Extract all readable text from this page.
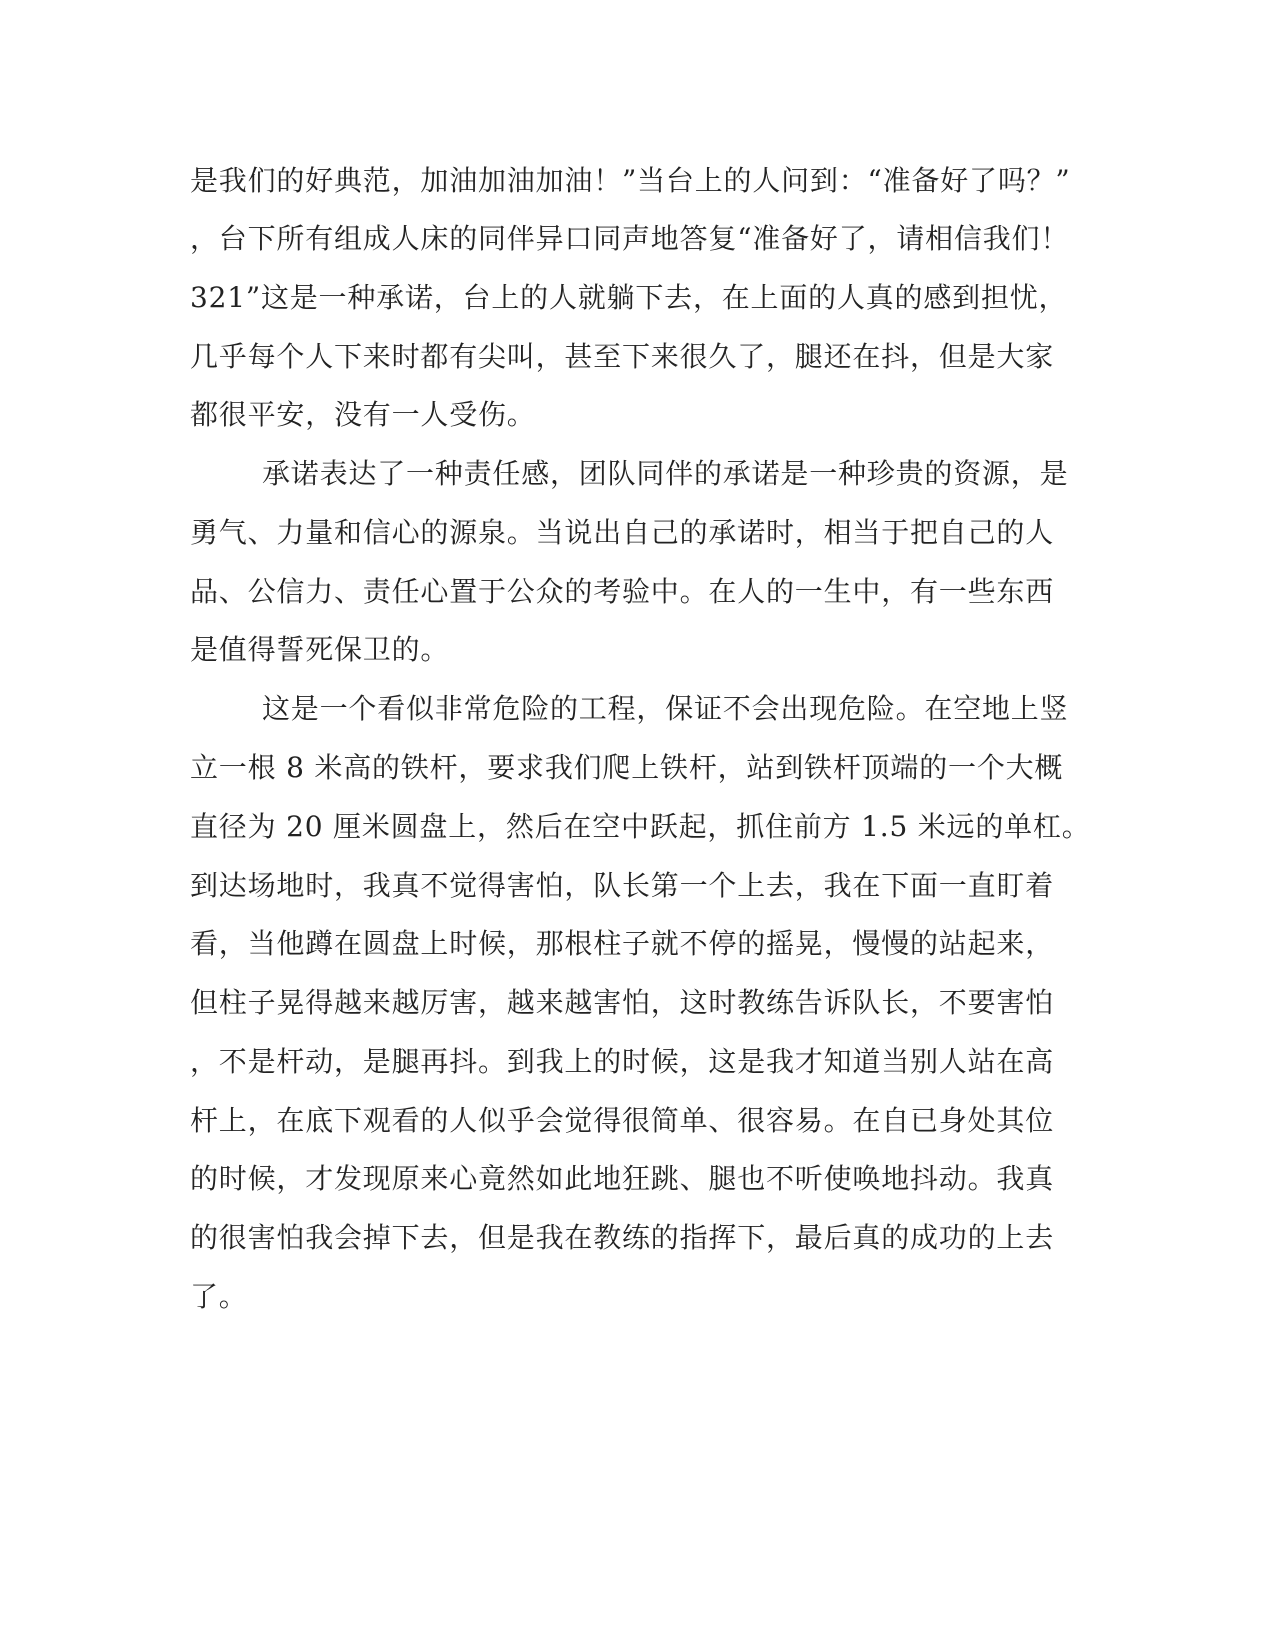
是我们的好典范，加油加油加油！”当台上的人问到：“准备好了吗？”
，台下所有组成人床的同伴异口同声地答复“准备好了，请相信我们！
321”这是一种承诺，台上的人就躺下去，在上面的人真的感到担忧，
几乎每个人下来时都有尖叫，甚至下来很久了，腿还在抖，但是大家
都很平安，没有一人受伤。
承诺表达了一种责任感，团队同伴的承诺是一种珍贵的资源，是
勇气、力量和信心的源泉。当说出自己的承诺时，相当于把自己的人
品、公信力、责任心置于公众的考验中。在人的一生中，有一些东西
是值得誓死保卫的。
这是一个看似非常危险的工程，保证不会出现危险。在空地上竖
立一根 8 米高的铁杆，要求我们爬上铁杆，站到铁杆顶端的一个大概
直径为 20 厘米圆盘上，然后在空中跃起，抓住前方 1.5 米远的单杠。
到达场地时，我真不觉得害怕，队长第一个上去，我在下面一直盯着
看，当他蹲在圆盘上时候，那根柱子就不停的摇晃，慢慢的站起来，
但柱子晃得越来越厉害，越来越害怕，这时教练告诉队长，不要害怕
，不是杆动，是腿再抖。到我上的时候，这是我才知道当别人站在高
杆上，在底下观看的人似乎会觉得很简单、很容易。在自已身处其位
的时候，才发现原来心竟然如此地狂跳、腿也不听使唤地抖动。我真
的很害怕我会掉下去，但是我在教练的指挥下，最后真的成功的上去
了。
